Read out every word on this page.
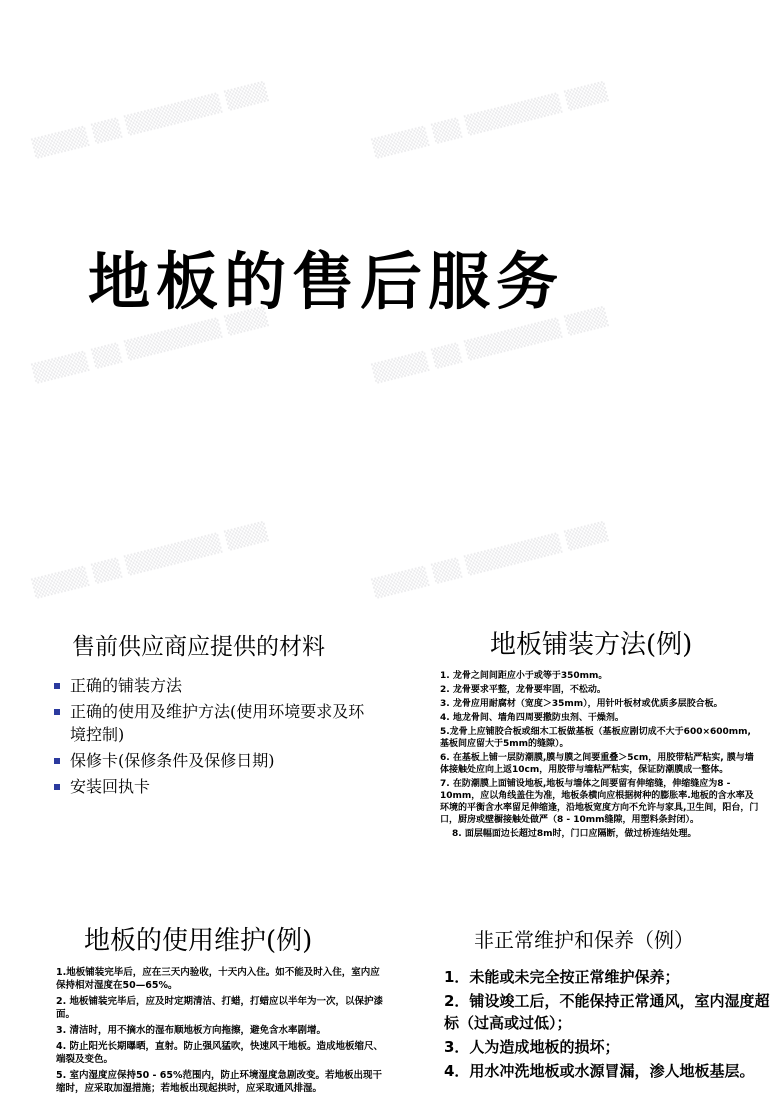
▒▒▒▒ ▒▒ ▒▒▒▒▒▒▒ ▒▒▒	▒▒▒▒ ▒▒ ▒▒▒▒▒▒▒ ▒▒▒
▒▒▒▒ ▒▒ ▒▒▒▒▒▒▒ ▒▒▒	▒▒▒▒ ▒▒ ▒▒▒▒▒▒▒ ▒▒▒
▒▒▒▒ ▒▒ ▒▒▒▒▒▒▒ ▒▒▒	▒▒▒▒ ▒▒ ▒▒▒▒▒▒▒ ▒▒▒
地板的售后服务
售前供应商应提供的材料
正确的铺装方法
正确的使用及维护方法(使用环境要求及环境控制)
保修卡(保修条件及保修日期)
安装回执卡
地板铺装方法(例)
1. 龙骨之间间距应小于或等于350mm。
2. 龙骨要求平整，龙骨要牢固，不松动。
3. 龙骨应用耐腐材（宽度＞35mm），用针叶板材或优质多层胶合板。
4. 地龙骨间、墙角四周要撒防虫剂、干燥剂。
5.龙骨上应铺胶合板或细木工板做基板（基板应剧切成不大于600×600mm, 基板间应留大于5mm的缝隙）。
6. 在基板上铺一层防潮膜,膜与膜之间要重叠＞5cm，用胶带粘严粘实, 膜与墙体接触处应向上返10cm，用胶带与墙粘严粘实，保证防潮膜成一整体。
7. 在防潮膜上面铺设地板,地板与墙体之间要留有伸缩缝，伸缩缝应为8 - 10mm，应以角线盖住为准，地板条横向应根据树种的膨胀率.地板的含水率及环境的平衡含水率留足伸缩逢，沿地板宽度方向不允许与家具,卫生间，阳台，门口，厨房或壁橱接触处做严（8 - 10mm缝隙，用塑料条封闭）。
8. 面层幅面边长超过8m时，门口应隔断，做过桥连结处理。
地板的使用维护(例)
1.地板铺装完毕后，应在三天内验收，十天内入住。如不能及时入住，室内应保持相对湿度在50—65%。
2. 地板铺装完毕后，应及时定期清洁、打蜡，打蜡应以半年为一次，以保护漆面。
3. 清洁时，用不摘水的湿布顺地板方向拖擦，避免含水率剧增。
4. 防止阳光长期曝晒，直射。防止强风猛吹，快速风干地板。造成地板缩尺、端裂及变色。
5. 室内湿度应保持50 - 65%范围内，防止环境湿度急剧改变。若地板出现干缩时，应采取加湿措施；若地板出现起拱时，应采取通风排湿。
非正常维护和保养（例）
1．未能或未完全按正常维护保养；
2．铺设竣工后，不能保持正常通风，室内湿度超标（过高或过低）；
3．人为造成地板的损坏；
4．用水冲洗地板或水源冒漏，渗人地板基层。
